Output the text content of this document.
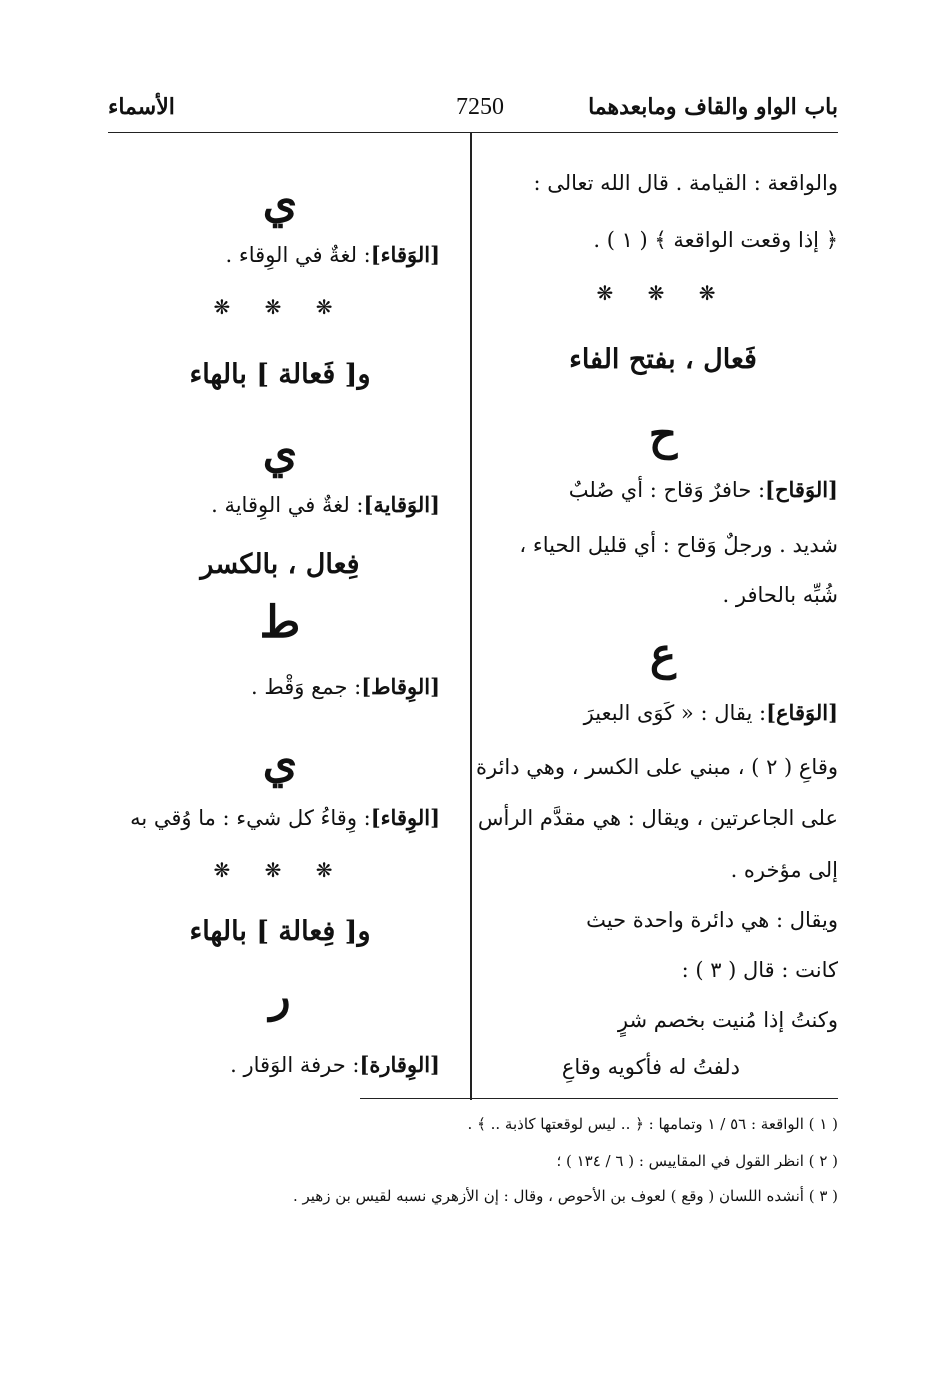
باب الواو والقاف ومابعدهما
7250
الأسماء
والواقعة : القيامة . قال الله تعالى :
﴿ إذا وقعت الواقعة ﴾ ( ١ ) .
❋ ❋ ❋
فَعال ، بفتح الفاء
ح
[الوَقاح]: حافرٌ وَقاح : أي صُلبٌ
شديد . ورجلٌ وَقاح : أي قليل الحياء ،
شُبِّه بالحافر .
ع
[الوَقاع]: يقال : « كَوَى البعيرَ
وقاعِ ( ٢ ) ، مبني على الكسر ، وهي دائرة
على الجاعرتين ، ويقال : هي مقدَّم الرأس
إلى مؤخره .
ويقال : هي دائرة واحدة حيث
كانت : قال ( ٣ ) :
وكنتُ إذا مُنيت بخصم شرٍ
دلفتُ له فأكويه وقاعِ
ي
[الوَقاء]: لغةٌ في الوِقاء .
❋ ❋ ❋
و[ فَعالة ] بالهاء
ي
[الوَقاية]: لغةٌ في الوِقاية .
فِعال ، بالكسر
ط
[الوِقاط]: جمع وَقْط .
ي
[الوِقاء]: وِقاءُ كل شيء : ما وُقي به
❋ ❋ ❋
و[ فِعالة ] بالهاء
ر
[الوِقارة]: حرفة الوَقار .
( ١ ) الواقعة : ٥٦ / ١ وتمامها : ﴿ .. ليس لوقعتها كاذبة .. ﴾ .
( ٢ ) انظر القول في المقاييس : ( ٦ / ١٣٤ ) ؛
( ٣ ) أنشده اللسان ( وقع ) لعوف بن الأحوص ، وقال : إن الأزهري نسبه لقيس بن زهير .
